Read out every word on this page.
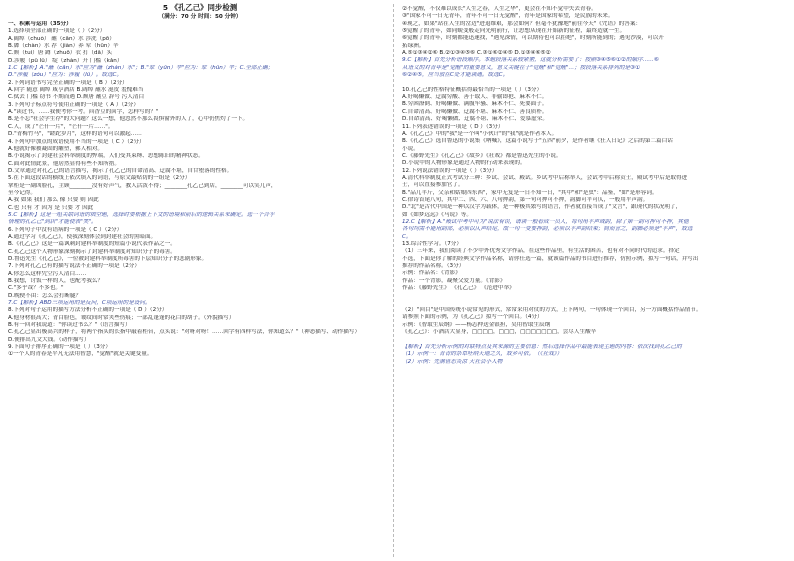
5 《孔乙己》同步检测
（满分：70 分 时间：50 分钟）
一、积累与运用（35分）
1.选择项全部正确的一项是（ ）（2分）
A.阔绰（chuò） 蘸（cān）水 涉洗（pō）
B.羼（chàn）水 荐（jiàn）养 荤（hūn）辛
C.颓（tuí）唐 蹲（zhuō）衣 打（dǎ）头
D.涉履（pǔ lǚ） 绽（zhàn）开 门槛（kǎn）
1.C【解析】A."蘸（cān）水"应为"蘸（zhàn）水"；B."荤（yūn）辛"应为：荤（hūn）辛；C.全部正确；
D."涉履（zǒu）"应为：涉履（lǚ）。故选C。
2.下列词语书写完全正确的一项是（ B ）（2分）
A.回字 随意 阔绰 咸亨酒店 B.阔绰 蘸水 涎皮 羞愧难当
C.拭去 门槛 窃书 不期而遇 D.颓唐 蘸豆 辞号 污人清白
3.下列句子标点符号使用正确的一项是（ A ）（2分）
A."读过书，……我便考你一考。茴香豆的茴字，怎样写的？"
B.是不忘"社会学生存"的大问题？这么一想，他忽然不那么畏惧窗外的人了，心中仍焦灼了一下。
C.人，成了"芒仟一片"，"芒仟一片……"。
D."青梅竹马"，"蹉跎岁月"，这样的语句可以激起……
4.下列句中加点的成语使用不当的一项是（ C ）（2分）
A.他就好像被凝固的雕塑，佛人相对。
B.小说揭示了封建社会科举制度的弊端，人们受其束缚、思想陈旧的精神状态。
C.面对此情此景，他居然显得有些不知所措。
D.文章通过对孔乙己的语言描写，揭示了孔乙己的自命清高、迂腐不堪，自甘堕落的性格。
5.在下面这段话的横线上依次填入的词语，与原文最贴切的一组是（2分）
掌柜是一副凶脸孔，主顾________没有好声气，教人活泼不得；________孔乙己到店，________可以笑几声，
至今记得。
A.我 如果 我们 那么 像 只要 则 因此
C.也 只有 才 因为 是 只要 才 因此
5.C【解析】这是一组关联词语的填空题，选择时要根据上下文的语境和前后的逻辑关系来确定。选一个合乎
情理的孔乙己"到店"才能使表"笑"。
6.下列句子中没有语病的一项是（ C ）（2分）
A.通过学习《孔乙己》，使我深刻体会到封建社会的黑暗面。
B.《孔乙己》这是一篇讽刺封建科举制度的短篇小说代表作品之一。
C.孔乙己这个人物形象深刻揭示了封建科举制度对知识分子的毒害。
D.鲁迅先生《孔乙己》，一位被封建科举制度所毒害的下层知识分子的悲剧形象。
7.下列对孔乙己有的描写说法不正确的一项是（2分）
A.你怎么这样凭空污人清白……
B.我想，讨饭一样的人，也配考我么？
C."多乎哉？不多也。"
D.晚便不由：怎么会打断腿？
7.C【解析】ABD三项运用的是反问，C项运用的是设问。
8.下列对句子运用的描写方法分析不正确的一项是（ D ）（2分）
A.他身材很高大；青白脸色，皱纹间时常夹些伤痕；一部乱蓬蓬的花白的胡子。（外貌描写）
B.有一回对我说道："你读过书么？"（语言描写）
C.孔乙己显出极高兴的样子，将两个指头的长指甲敲着柜台，点头说："对呀对呀！……回字有四样写法，你知道么？"（神态描写、动作描写）
D.便排出九文大钱。（动作描写）
9.下面句子排序正确的一项是（ ）（3分）
①一个人的青春是平凡无法用智慧，"觉醒"就是关键变量。
②不觉醒，不仅难以成长"人生之春，人生之华"，更会在不知不觉中失去青春。
③"国家不可一日无青年，青年不可一日无觉醒"，青年是国家的希望，是民族的未来。
④现之，如果"站在人生的岔边"进退维艰，那会如何？但毫不犹豫地"前往今天"《咒语》的答案：
⑤觉醒了的青年，如同蜕变般走向光明前行，让思想从现在开始新的征程，最终造就一生。
⑥觉醒了的青年，时刻都能迅速找，"遇见深情，可以期待也可以拒绝"，时刻所能到的；遇见沙漠，可以开
拓绿洲。
A.⑤①③④②⑥ B.②①③④⑤⑥ C.③①⑥②④⑤ D.①③④⑥⑤②
9.C【解析】首先分析语段顺序。本题段落关系较紧密，这就分析需要了：按照③④⑤⑥①②的顺序……⑥
从语义的对青年是"觉醒"的重要意义，意义关键在于"觉醒"和"觉醒"…；按段落关系排列的是③①
⑥②④⑤，应当放在C处才能读通。故选C。

10.孔乙己的性格特征概括得最恰当的一项是（ ）（3分）
A.好喝懒做、迂腐穷酸、善于取人、非偷即抢、麻木不仁。
B.穷困潦倒、好喝懒做、满腹牢骚、麻木不仁、死要面子。
C.自命清高、好喝懒做、迂腐不堪、麻木不仁、善良质朴。
D.自命清高、好喝懒做、迂腐不堪、麻木不仁、爱慕虚荣。
11.下列表述错误的一项是（ D ）（3分）
A.《孔乙己》中的"我"是一个叫"小伙计"的"我"就是作者本人。
B.《孔乙己》选自鲁迅的小说集《呐喊》，这篇小说写于"五四"前夕，是作者继《狂人日记》之后的第二篇白话
小说。
C.《藤野先生》《孔乙己》《故乡》《社戏》都是鲁迅先生的小说。
D.小说中的人物形象是通过人物的行动来表现的。
12.下列说法错误的一项是（ ）（3分）
A.清代科举制度正式考试分三种：乡试、会试、殿试。乡试考中后称举人，会试考中后称贡士，殿试考中后是取得进
士，可以直接参加官了。
B."品儿半斤，父亲和姑娘四东西"，家中无复是一日不知一日，"其中"和"是虫"：品鉴，"如"是形容词。
C.律诗首尾八句，其中二、四、六、八句押韵，第一句可押可不押，韵脚可平可仄，一般用平声韵。
D."北"是古代中国是一种以汉字为载体，是一种极其繁写的语言，作者就直接当成了"文言"，跟现代的状况明了，
如《如梦远远》《马说》等。
12.C【解析】A."殿试中考中可为"说法有误，请读一般看成一员人，每句用平声或韵，除了第一韵可押可不押，其他
各句均需不能用韵部，必须以仄声结尾，故一句一变要押韵，必须以平声韵结束；简而言之，韵脚必须是"平声"，故选
C。
13.综合性学习。（7分）
（1）三年来，我们阅读了不少中外优秀文学作品，在这些作品里，有生活的困苦，也有对不同时代的追求。择定
不选，下面是你了解的经典文学作品名称，请你任选一篇，就该篇作品的书目进行推荐，仿照示例，拟写一句话，并写出
推荐的作品名称。（3分）
示例：作品名：《背影》
作品：一个背影，凝聚父爱力量。《背影》
作品：《藤野先生》 《孔乙己》 《范进中举》

（2）"回目"是中国传统小说常见的形式，常常采用对仗的方式，上下两句，一句体现一个回目，另一方面概括作品情节。
请参照下面的示例，为《孔乙己》拟写一个回目。（4分）
示例：《智取生辰纲》——杨志押送金银担，吴用智取生辰纲
《孔乙己》：小酒店大显身，□□□□，□□□，□□□□□□□，尝尽人生酸辛

【解析】首先分析示例的对联特点及其来源的主要信息：然后选择作品中最能表现主题的内容：依次找到孔乙己的
（1）示例一：青青的杂草吐纳天地之久，故乡可依。（《社戏》）
（2）示例：先满世态炎凉 大社会小人物
